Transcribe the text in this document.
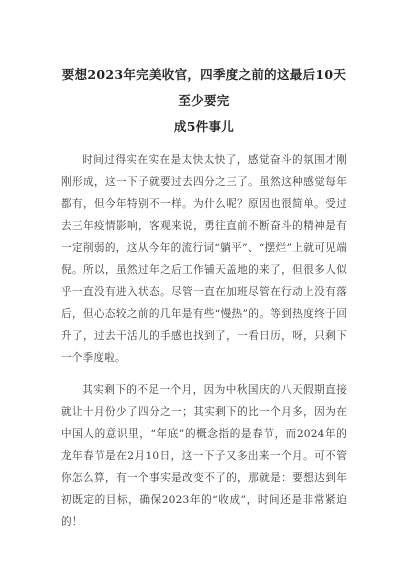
要想2023年完美收官，四季度之前的这最后10天至少要完
成5件事儿

时间过得实在实在是太快太快了，感觉奋斗的氛围才刚刚形成，这一下子就要过去四分之三了。虽然这种感觉每年都有，但今年特别不一样。为什么呢？原因也很简单。受过去三年疫情影响，客观来说，勇往直前不断奋斗的精神是有一定削弱的，这从今年的流行词“躺平”、“摆烂”上就可见端倪。所以，虽然过年之后工作铺天盖地的来了，但很多人似乎一直没有进入状态。尽管一直在加班尽管在行动上没有落后，但心态较之前的几年是有些“慢热”的。等到热度终于回升了，过去干活儿的手感也找到了，一看日历，呀，只剩下一个季度啦。

其实剩下的不足一个月，因为中秋国庆的八天假期直接就让十月份少了四分之一；其实剩下的比一个月多，因为在中国人的意识里，“年底”的概念指的是春节，而2024年的龙年春节是在2月10日，这一下子又多出来一个月。可不管你怎么算，有一个事实是改变不了的，那就是：要想达到年初既定的目标，确保2023年的“收成”，时间还是非常紧迫的！
